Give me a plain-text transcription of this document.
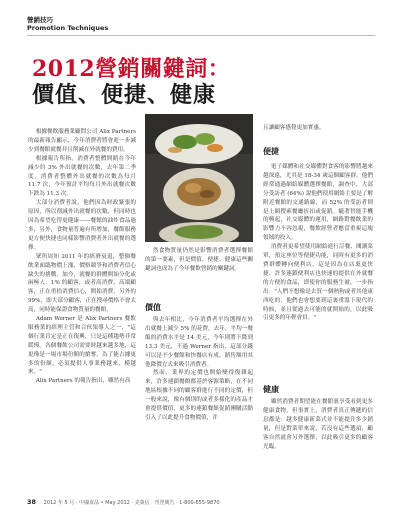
營銷技巧
Promotion Techniques
2012營銷關鍵詞：
價值、便捷、健康

根據餐飲服務業顧問公司 Alix Partners 的最新報告顯示，今年消費者將會進一步減少到餐館就餐并且削減在外就餐的費用。

根據報告所指，消費者整體開銷在今年減少約 3% 外出就餐的次數，去年第二季度，消費者整體外出就餐的次數為每月 11.7 次，今年預計平均每月外出就餐次數下跌為 11.3 次。

大部分消費者說，他們因為財政緊張的原因，所以削減外出就餐的次數，但同時也因為希望吃得更健康——餐館的油炸食品過多，另外，食物量普遍有所增加，餐館服務更方便快捷也同樣影響消費者外出就餐的選擇。

眾所周知 2011 年的經濟衰退，整個餐飲業面臨物價上漲、價格競爭和消費者信心缺失的挑戰，加今，就餐的群體開始分化或兩極人：1% 的顧客，或者高消費、高端顧客，正在重拾消費信心，開始消費，另外的 99%，即大部分顧客，正在搜尋價格不會太高，同時能保證食物質量的餐館。

Adam Werner 是 Alix Partners 餐飲服務業的經理主管和合伙領導人之一，"這個行業肯定是正在復興，只是這種趨勢非常緩慢。各個餐飲公司需要時越來越多地，這更像是一場市場份額的搶奪，為了能占據更多的份額，必須提供人事業務越來，模越來。"

Alix Partners 的報告指出，雖然有高

然食物質量仍然是影響消費者選擇餐館的第一要素，但是價值、便捷、健康這些關鍵詞也成為了今年餐飲營銷的關鍵詞。

價值

與去年相比，今年消費者平均選擇在外出就餐上減少 5% 的花費，去年，平均一餐飯的消費水平是 14 美元，今年則將下降到 13.3 美元，不過 Werner 指出，這部分錢可以是不少餐館和快餐店有成，銷售額用其他降價方式來吸引消費者。

然而，業界的定價也開始變得復雜起來，許多連鎖餐館都基於客源策略，在不同地區根據不同的顧客群進行不同的定價，但一般來說，像有個別的或者多樣化的產品才會提供價值，更多的連鎖餐館促銷團購活動引入了以此提升食物價值，并

且讓顧客感覺更加實惠。

便捷

電子媒體和社交媒體對食客的影響將越來越深遠，尤其是 18-34 歲這個顧客群，他們經常通過網絡媒體選擇餐館，調查中，大部分受訪者 (64%) 說他們使用網絡主要是了解附近餐館的交通路線，而 52% 的受訪者則是上網搜索餐廳折扣或促銷。隨著智能手機的興起，社交媒體的運用，網路對餐飲業的影響力不容忽視，餐飲經營者應當重視這塊領域的投入。

消費者更希望使用網絡進行訂餐、閱讀菜單，預定座位等便捷功能，同時有更多的消費群體轉向便利店，這是因為在店裏更快捷、許多連鎖便利店也快速的提供在外就餐的方便的食品，即使你的服務生被，一步指出："人們不想像是去買一個熱狗或者其他東西吃的，他們也會想要到這裏重溫下現代的時候，並且從過去可能的就開始的，以此吸引更多的年輕會員。"

健康

雖然消費者期望能在餐館裏享受看到更多健康食物，但事實上，消費者真正傳遞的信息都是：越多健康新菜式並不能提升多少銷量，但是對菜單來說，若沒有這些選項，顧客自然就會另外選擇，以此吸引更多的顧客光臨。

38 2012 年 5 月 · 中國食品 • May 2012 · 美菓信 · 刊登廣告 · 1-800-655-9870
